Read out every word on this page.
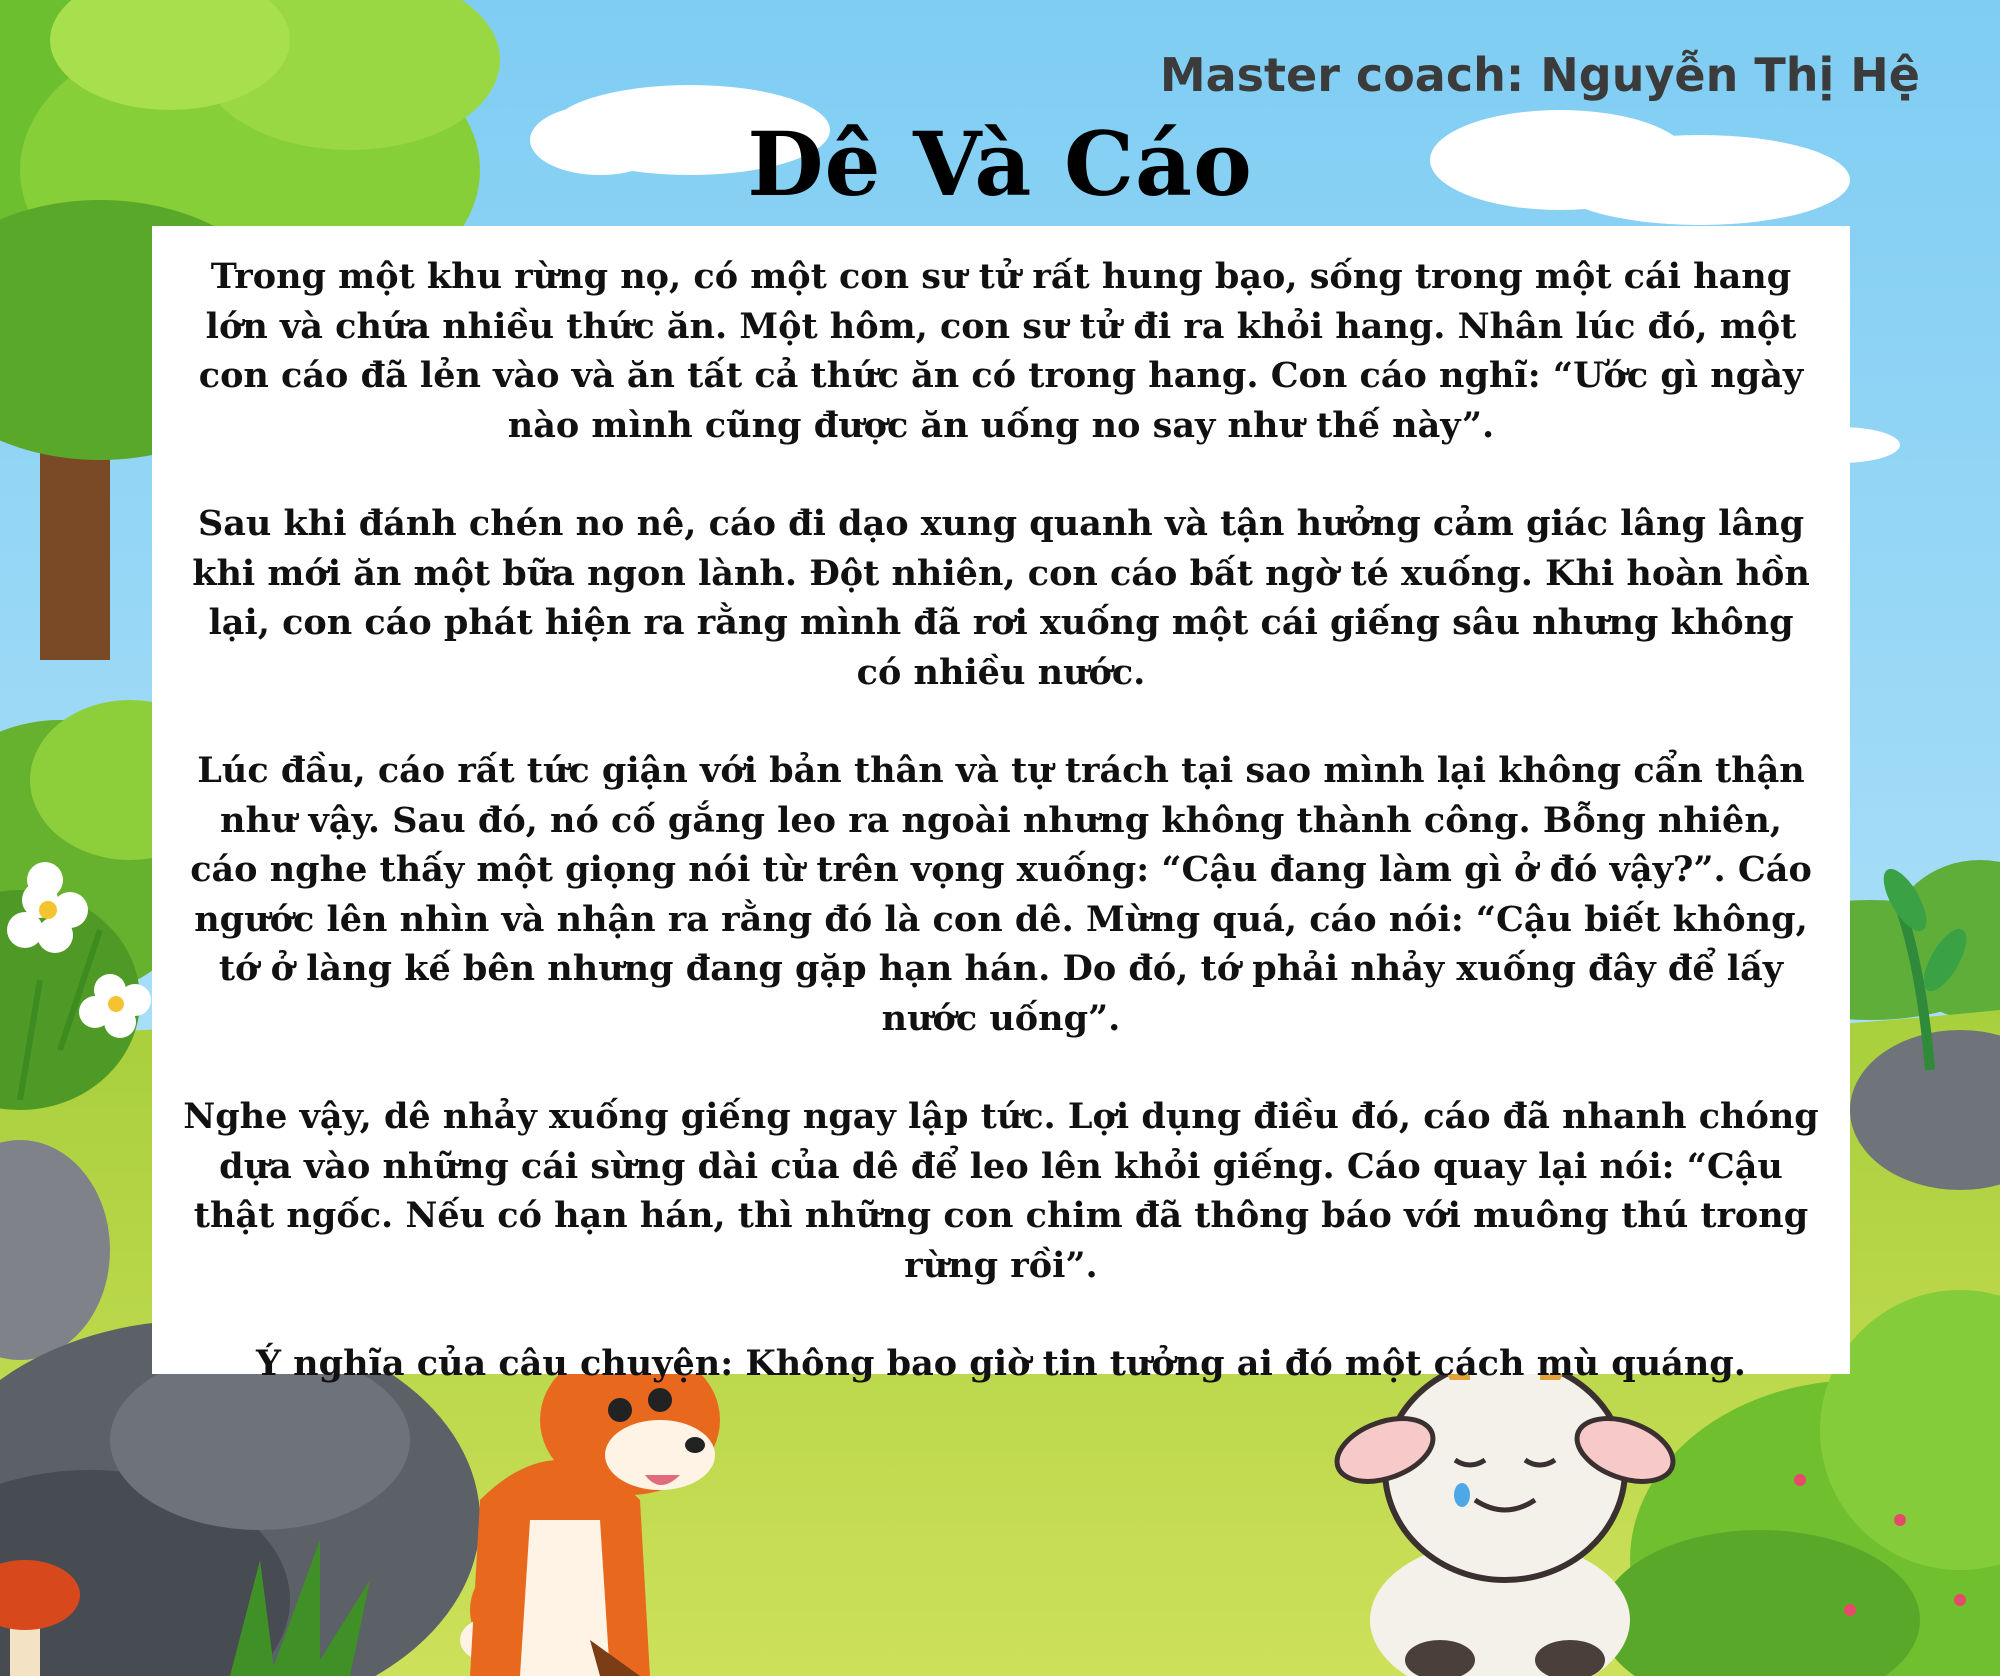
Master coach: Nguyễn Thị Hệ
Dê Và Cáo

Trong một khu rừng nọ, có một con sư tử rất hung bạo, sống trong một cái hang lớn và chứa nhiều thức ăn. Một hôm, con sư tử đi ra khỏi hang. Nhân lúc đó, một con cáo đã lẻn vào và ăn tất cả thức ăn có trong hang. Con cáo nghĩ: “Ước gì ngày nào mình cũng được ăn uống no say như thế này”.

Sau khi đánh chén no nê, cáo đi dạo xung quanh và tận hưởng cảm giác lâng lâng khi mới ăn một bữa ngon lành. Đột nhiên, con cáo bất ngờ té xuống. Khi hoàn hồn lại, con cáo phát hiện ra rằng mình đã rơi xuống một cái giếng sâu nhưng không có nhiều nước.

Lúc đầu, cáo rất tức giận với bản thân và tự trách tại sao mình lại không cẩn thận như vậy. Sau đó, nó cố gắng leo ra ngoài nhưng không thành công. Bỗng nhiên, cáo nghe thấy một giọng nói từ trên vọng xuống: “Cậu đang làm gì ở đó vậy?”. Cáo ngước lên nhìn và nhận ra rằng đó là con dê. Mừng quá, cáo nói: “Cậu biết không, tớ ở làng kế bên nhưng đang gặp hạn hán. Do đó, tớ phải nhảy xuống đây để lấy nước uống”.

Nghe vậy, dê nhảy xuống giếng ngay lập tức. Lợi dụng điều đó, cáo đã nhanh chóng dựa vào những cái sừng dài của dê để leo lên khỏi giếng. Cáo quay lại nói: “Cậu thật ngốc. Nếu có hạn hán, thì những con chim đã thông báo với muông thú trong rừng rồi”.

Ý nghĩa của câu chuyện: Không bao giờ tin tưởng ai đó một cách mù quáng.
